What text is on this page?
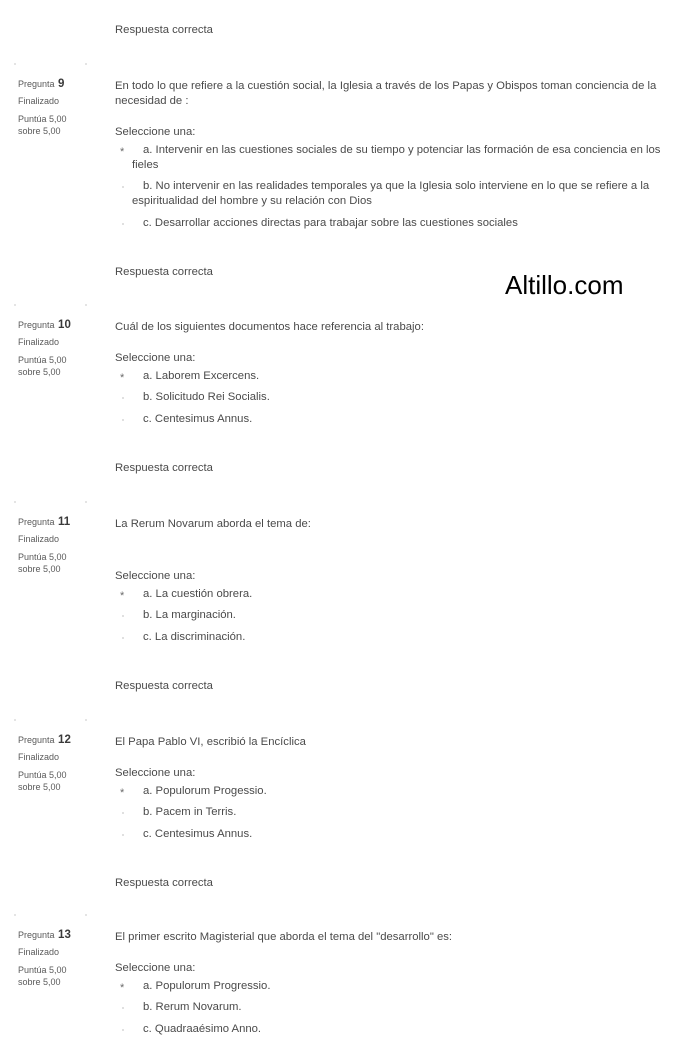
Respuesta correcta
Altillo.com
Pregunta 9
Finalizado
Puntúa 5,00
sobre 5,00
En todo lo que refiere a la cuestión social, la Iglesia a través de los Papas y Obispos toman conciencia de la
necesidad de :
Seleccione una:
*
a. Intervenir en las cuestiones sociales de su tiempo y potenciar las formación de esa conciencia en los
fieles
b. No intervenir en las realidades temporales ya que la Iglesia solo interviene en lo que se refiere a la
espiritualidad del hombre y su relación con Dios
c. Desarrollar acciones directas para trabajar sobre las cuestiones sociales
Respuesta correcta
Pregunta 10
Finalizado
Puntúa 5,00
sobre 5,00
Cuál de los siguientes documentos hace referencia al trabajo:
Seleccione una:
*
a. Laborem Excercens.
b. Solicitudo Rei Socialis.
c. Centesimus Annus.
Respuesta correcta
Pregunta 11
Finalizado
Puntúa 5,00
sobre 5,00
La Rerum Novarum aborda el tema de:
Seleccione una:
*
a. La cuestión obrera.
b. La marginación.
c. La discriminación.
Respuesta correcta
Pregunta 12
Finalizado
Puntúa 5,00
sobre 5,00
El Papa Pablo VI, escribió la Encíclica
Seleccione una:
*
a. Populorum Progessio.
b. Pacem in Terris.
c. Centesimus Annus.
Respuesta correcta
Pregunta 13
Finalizado
Puntúa 5,00
sobre 5,00
El primer escrito Magisterial que aborda el tema del "desarrollo" es:
Seleccione una:
*
a. Populorum Progressio.
b. Rerum Novarum.
c. Quadraaésimo Anno.
